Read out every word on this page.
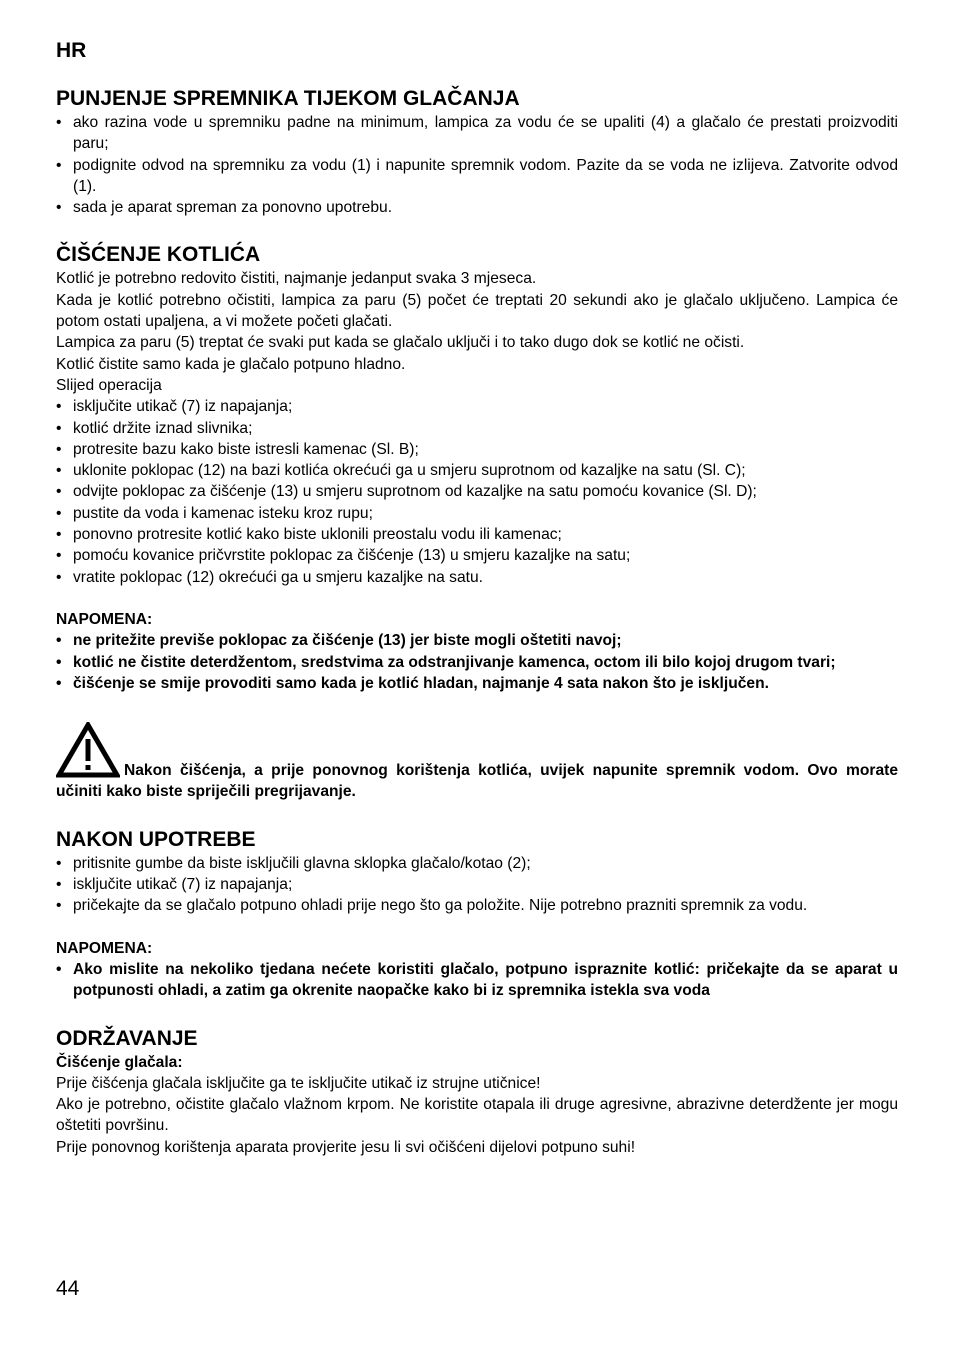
HR
PUNJENJE SPREMNIKA TIJEKOM GLAČANJA
• ako razina vode u spremniku padne na minimum, lampica za vodu će se upaliti (4) a glačalo će prestati proizvoditi paru;
• podignite odvod na spremniku za vodu (1) i napunite spremnik vodom. Pazite da se voda ne izlijeva. Zatvorite odvod (1).
• sada je aparat spreman za ponovno upotrebu.
ČIŠĆENJE KOTLIĆA

Kotlić je potrebno redovito čistiti, najmanje jedanput svaka 3 mjeseca.

Kada je kotlić potrebno očistiti, lampica za paru (5) počet će treptati 20 sekundi ako je glačalo uključeno. Lampica će potom ostati upaljena, a vi možete početi glačati.

Lampica za paru (5) treptat će svaki put kada se glačalo uključi i to tako dugo dok se kotlić ne očisti.

Kotlić čistite samo kada je glačalo potpuno hladno.

Slijed operacija

• isključite utikač (7) iz napajanja;
• kotlić držite iznad slivnika;
• protresite bazu kako biste istresli kamenac (Sl. B);
• uklonite poklopac (12) na bazi kotlića okrećući ga u smjeru suprotnom od kazaljke na satu (Sl. C);
• odvijte poklopac za čišćenje (13) u smjeru suprotnom od kazaljke na satu pomoću kovanice (Sl. D);
• pustite da voda i kamenac isteku kroz rupu;
• ponovno protresite kotlić kako biste uklonili preostalu vodu ili kamenac;
• pomoću kovanice pričvrstite poklopac za čišćenje (13) u smjeru kazaljke na satu;
• vratite poklopac (12) okrećući ga u smjeru kazaljke na satu.

NAPOMENA:

• ne pritežite previše poklopac za čišćenje (13) jer biste mogli oštetiti navoj;
• kotlić ne čistite deterdžentom, sredstvima za odstranjivanje kamenca, octom ili bilo kojoj drugom tvari;
• čišćenje se smije provoditi samo kada je kotlić hladan, najmanje 4 sata nakon što je isključen.

Nakon čišćenja, a prije ponovnog korištenja kotlića, uvijek napunite spremnik vodom. Ovo morate učiniti kako biste spriječili pregrijavanje.

NAKON UPOTREBE
• pritisnite gumbe da biste isključili glavna sklopka glačalo/kotao (2);
• isključite utikač (7) iz napajanja;
• pričekajte da se glačalo potpuno ohladi prije nego što ga položite. Nije potrebno prazniti spremnik za vodu.

NAPOMENA:

• Ako mislite na nekoliko tjedana nećete koristiti glačalo, potpuno ispraznite kotlić: pričekajte da se aparat u potpunosti ohladi, a zatim ga okrenite naopačke kako bi iz spremnika istekla sva voda
ODRŽAVANJE

Čišćenje glačala:

Prije čišćenja glačala isključite ga te isključite utikač iz strujne utičnice!

Ako je potrebno, očistite glačalo vlažnom krpom. Ne koristite otapala ili druge agresivne, abrazivne deterdžente jer mogu oštetiti površinu.

Prije ponovnog korištenja aparata provjerite jesu li svi očišćeni dijelovi potpuno suhi!

44
